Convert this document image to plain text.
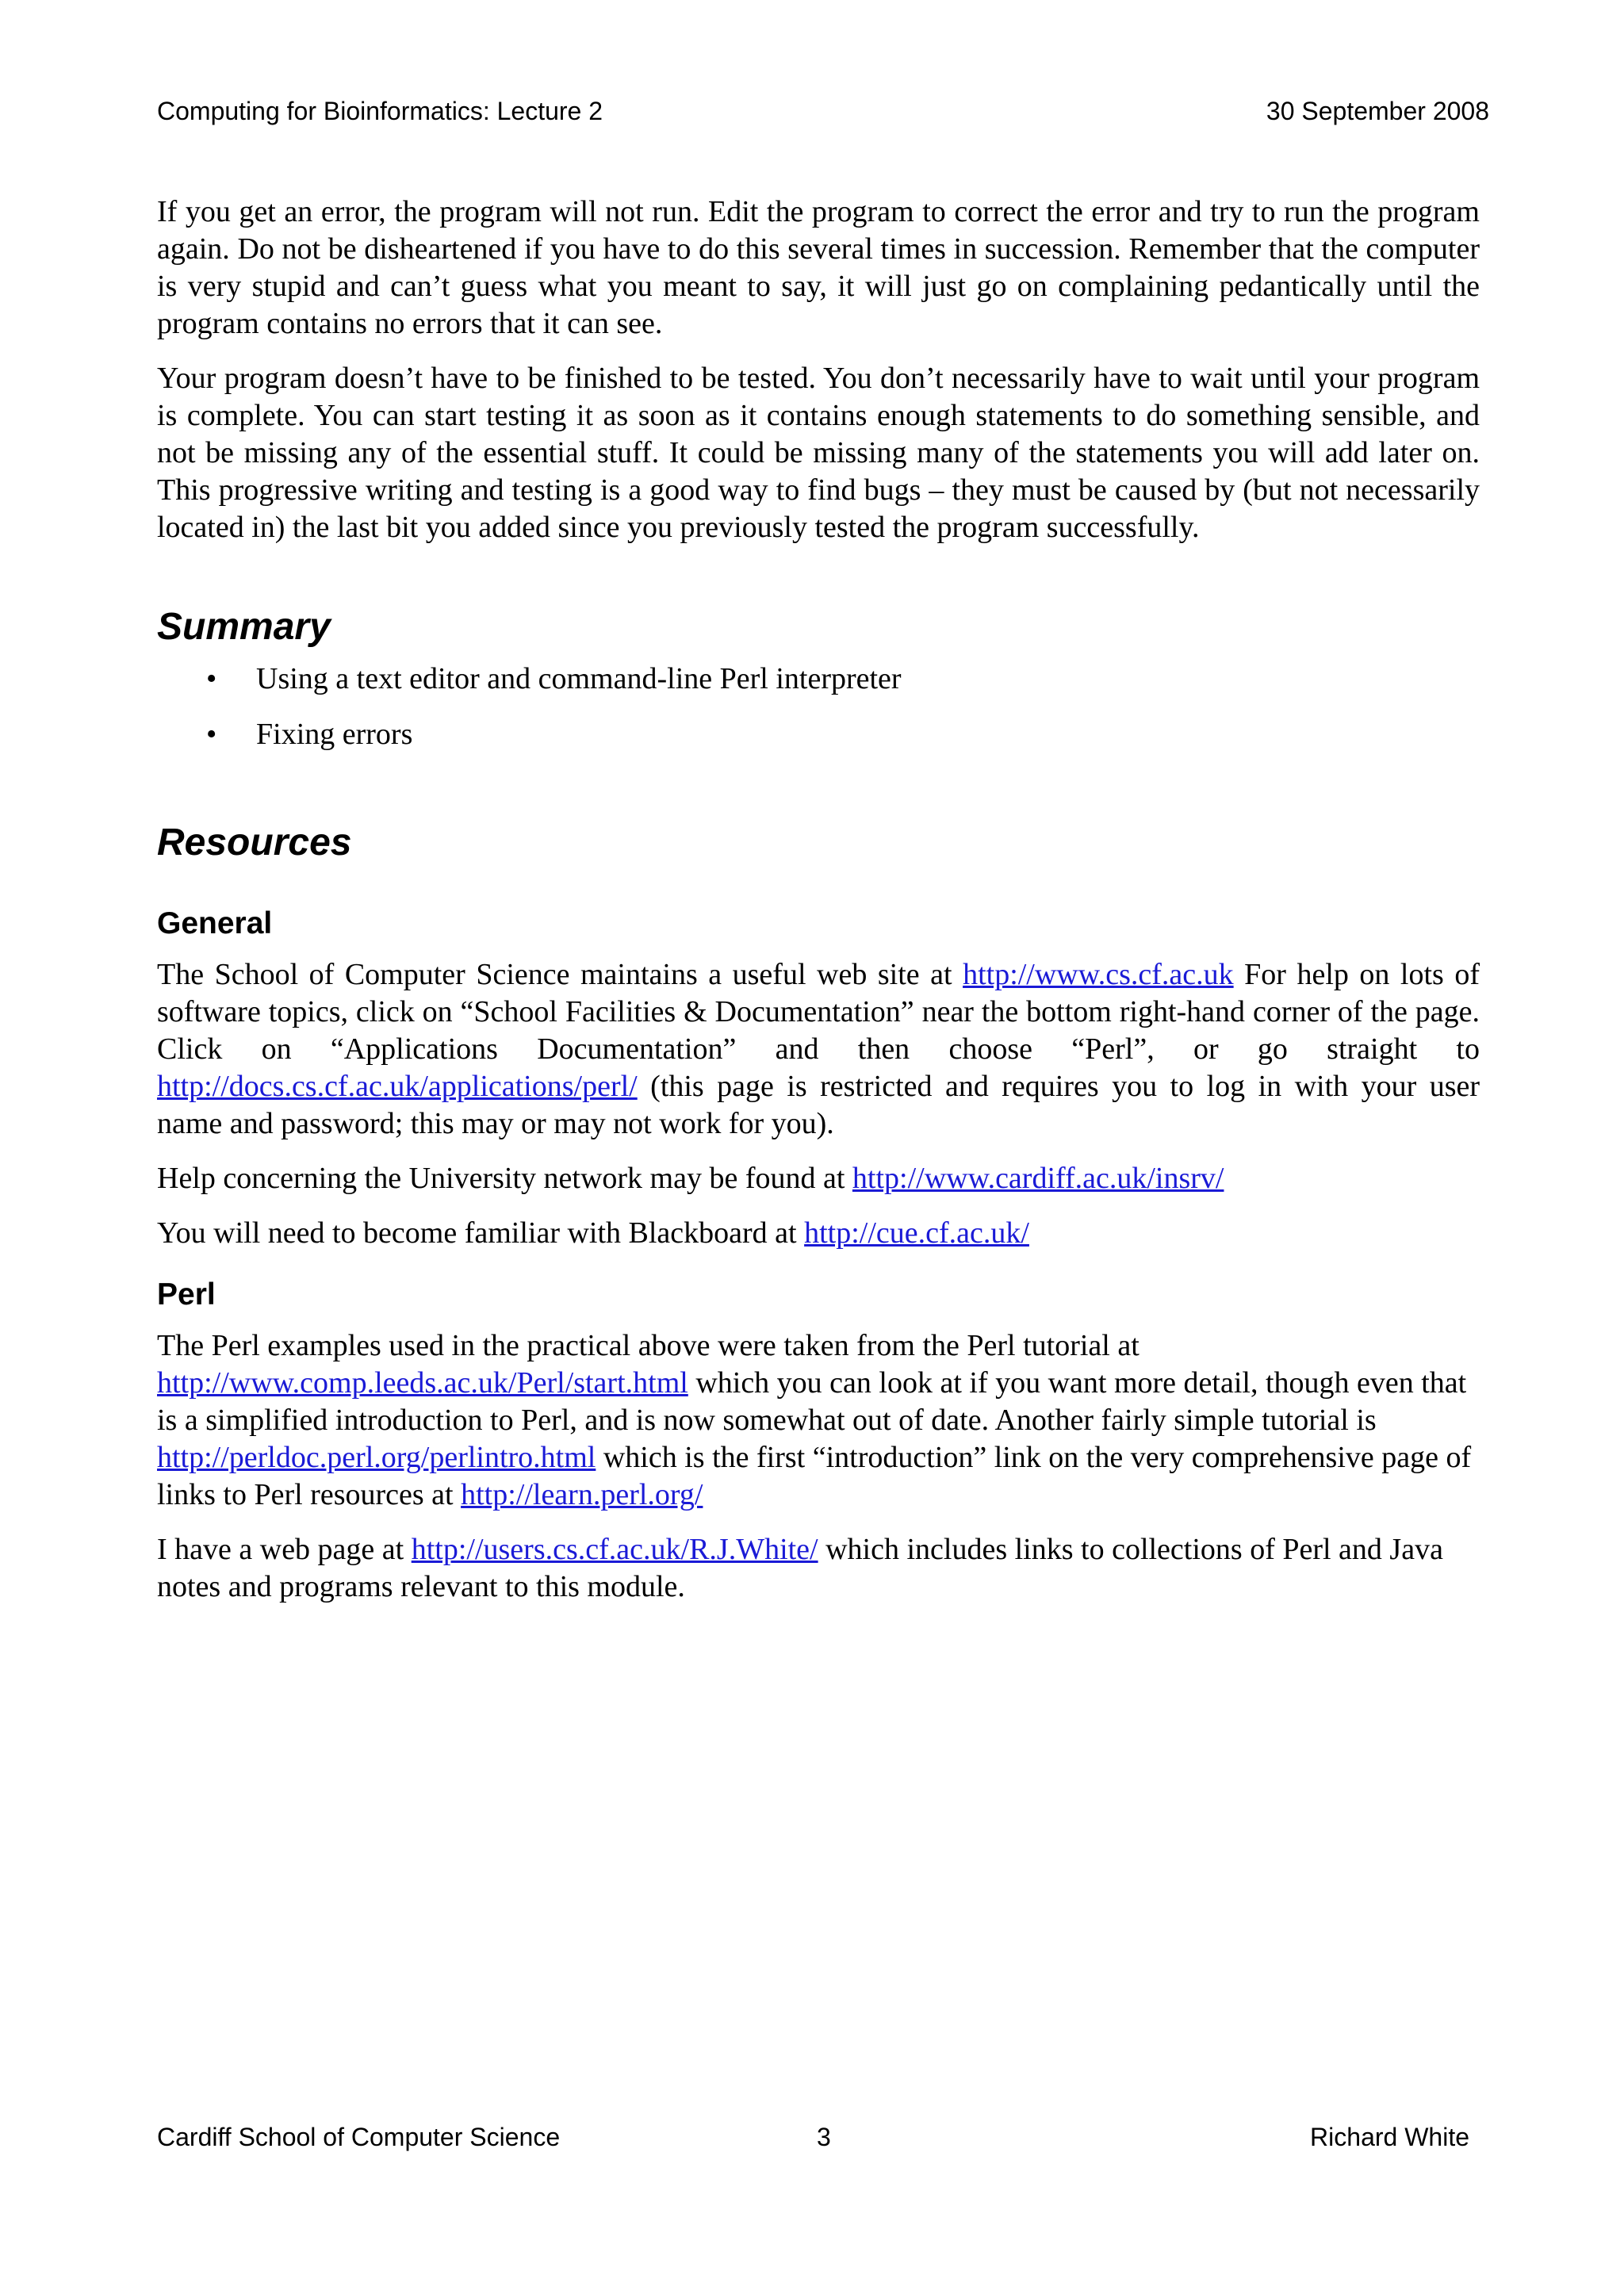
Computing for Bioinformatics: Lecture 2	30 September 2008

If you get an error, the program will not run. Edit the program to correct the error and try to run the program again. Do not be disheartened if you have to do this several times in succession. Remember that the computer is very stupid and can’t guess what you meant to say, it will just go on complaining pedantically until the program contains no errors that it can see.

Your program doesn’t have to be finished to be tested. You don’t necessarily have to wait until your program is complete. You can start testing it as soon as it contains enough statements to do something sensible, and not be missing any of the essential stuff. It could be missing many of the statements you will add later on. This progressive writing and testing is a good way to find bugs – they must be caused by (but not necessarily located in) the last bit you added since you previously tested the program successfully.

Summary
• Using a text editor and command-line Perl interpreter
• Fixing errors
Resources
General

The School of Computer Science maintains a useful web site at http://www.cs.cf.ac.uk For help on lots of software topics, click on “School Facilities & Documentation” near the bottom right-hand corner of the page. Click on “Applications Documentation” and then choose “Perl”, or go straight to http://docs.cs.cf.ac.uk/applications/perl/ (this page is restricted and requires you to log in with your user name and password; this may or may not work for you).

Help concerning the University network may be found at http://www.cardiff.ac.uk/insrv/

You will need to become familiar with Blackboard at http://cue.cf.ac.uk/

Perl

The Perl examples used in the practical above were taken from the Perl tutorial at http://www.comp.leeds.ac.uk/Perl/start.html which you can look at if you want more detail, though even that is a simplified introduction to Perl, and is now somewhat out of date. Another fairly simple tutorial is http://perldoc.perl.org/perlintro.html which is the first “introduction” link on the very comprehensive page of links to Perl resources at http://learn.perl.org/

I have a web page at http://users.cs.cf.ac.uk/R.J.White/ which includes links to collections of Perl and Java notes and programs relevant to this module.

Cardiff School of Computer Science	3	Richard White
